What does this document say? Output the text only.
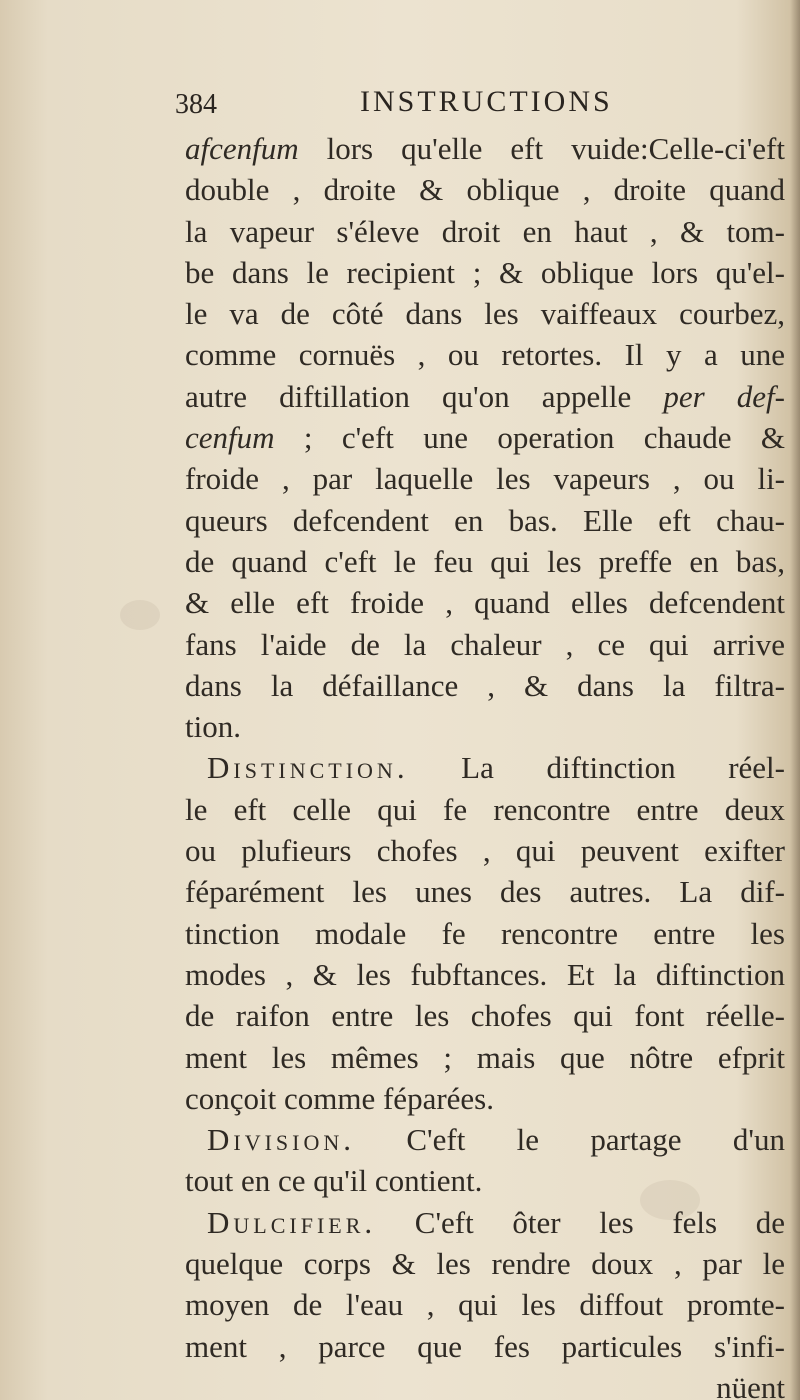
384	INSTRUCTIONS
afcenfum lors qu'elle eft vuide:Celle-ci'eft
double , droite & oblique , droite quand
la vapeur s'éleve droit en haut , & tom-
be dans le recipient ; & oblique lors qu'el-
le va de côté dans les vaiffeaux courbez,
comme cornuës , ou retortes. Il y a une
autre diftillation qu'on appelle per def-
cenfum ; c'eft une operation chaude &
froide , par laquelle les vapeurs , ou li-
queurs defcendent en bas. Elle eft chau-
de quand c'eft le feu qui les preffe en bas,
& elle eft froide , quand elles defcendent
fans l'aide de la chaleur , ce qui arrive
dans la défaillance , & dans la filtra-
tion.
Distinction. La diftinction réel-
le eft celle qui fe rencontre entre deux
ou plufieurs chofes , qui peuvent exifter
féparément les unes des autres. La dif-
tinction modale fe rencontre entre les
modes , & les fubftances. Et la diftinction
de raifon entre les chofes qui font réelle-
ment les mêmes ; mais que nôtre efprit
conçoit comme féparées.
Division. C'eft le partage d'un
tout en ce qu'il contient.
Dulcifier. C'eft ôter les fels de
quelque corps & les rendre doux , par le
moyen de l'eau , qui les diffout promte-
ment , parce que fes particules s'infi-
nüent
